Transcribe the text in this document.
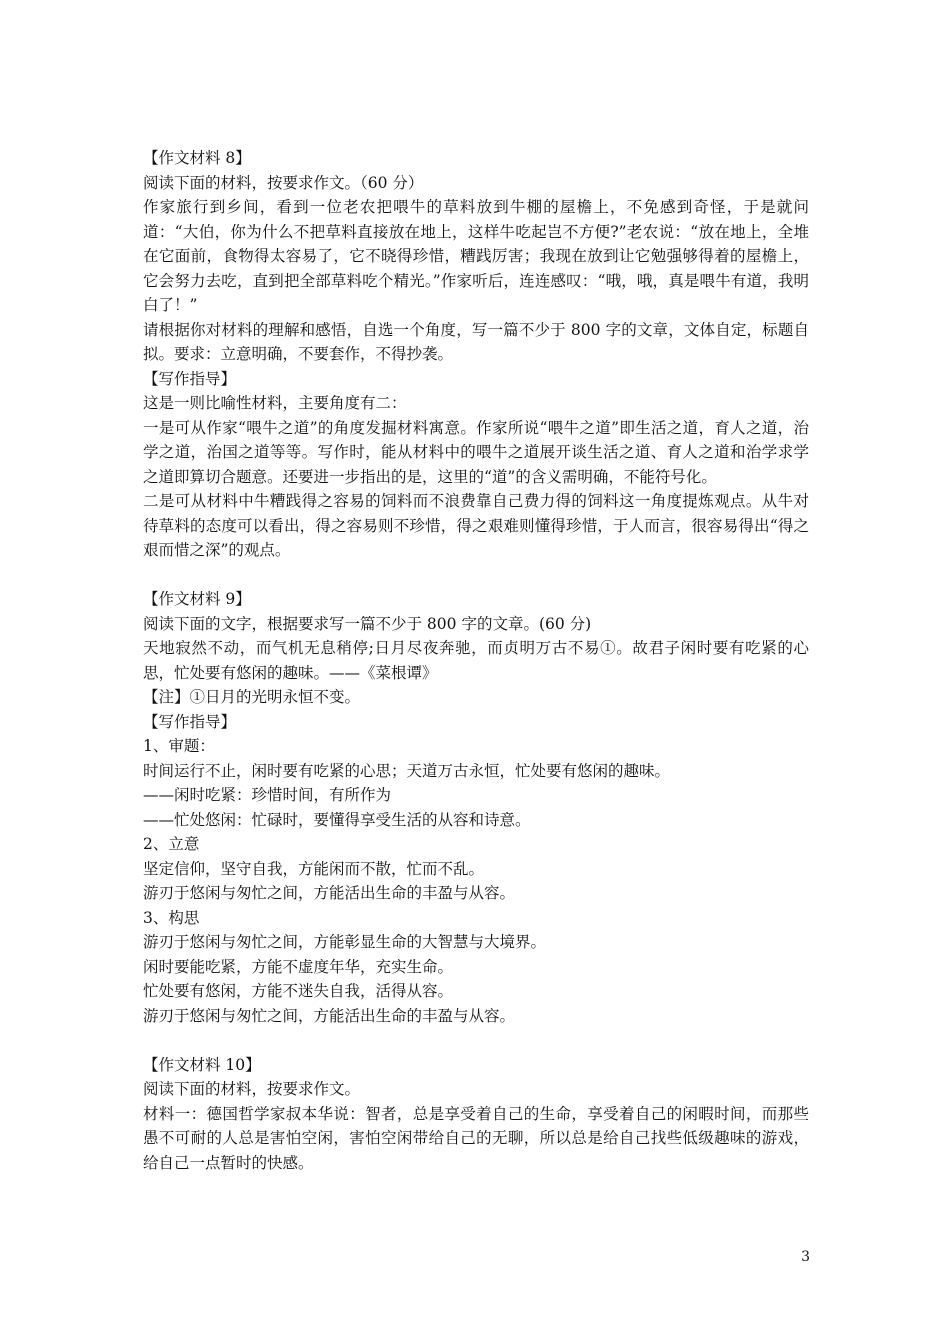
【作文材料 8】

阅读下面的材料，按要求作文。（60 分）

作家旅行到乡间，看到一位老农把喂牛的草料放到牛棚的屋檐上，不免感到奇怪，于是就问道：“大伯，你为什么不把草料直接放在地上，这样牛吃起岂不方便?”老农说：“放在地上，全堆在它面前，食物得太容易了，它不晓得珍惜，糟践厉害；我现在放到让它勉强够得着的屋檐上，它会努力去吃，直到把全部草料吃个精光。”作家听后，连连感叹：“哦，哦，真是喂牛有道，我明白了！”

请根据你对材料的理解和感悟，自选一个角度，写一篇不少于 800 字的文章，文体自定，标题自拟。要求：立意明确，不要套作，不得抄袭。

【写作指导】

这是一则比喻性材料，主要角度有二：

一是可从作家“喂牛之道”的角度发掘材料寓意。作家所说“喂牛之道”即生活之道，育人之道，治学之道，治国之道等等。写作时，能从材料中的喂牛之道展开谈生活之道、育人之道和治学求学之道即算切合题意。还要进一步指出的是，这里的“道”的含义需明确，不能符号化。

二是可从材料中牛糟践得之容易的饲料而不浪费靠自己费力得的饲料这一角度提炼观点。从牛对待草料的态度可以看出，得之容易则不珍惜，得之艰难则懂得珍惜，于人而言，很容易得出“得之艰而惜之深”的观点。

【作文材料 9】

阅读下面的文字，根据要求写一篇不少于 800 字的文章。(60 分)

天地寂然不动，而气机无息稍停;日月尽夜奔驰，而贞明万古不易①。故君子闲时要有吃紧的心思，忙处要有悠闲的趣味。——《菜根谭》

【注】①日月的光明永恒不变。

【写作指导】

1、审题：

时间运行不止，闲时要有吃紧的心思；天道万古永恒，忙处要有悠闲的趣味。

——闲时吃紧：珍惜时间，有所作为

——忙处悠闲：忙碌时，要懂得享受生活的从容和诗意。

2、立意

坚定信仰，坚守自我，方能闲而不散，忙而不乱。

游刃于悠闲与匆忙之间，方能活出生命的丰盈与从容。

3、构思

游刃于悠闲与匆忙之间，方能彰显生命的大智慧与大境界。

闲时要能吃紧，方能不虚度年华，充实生命。

忙处要有悠闲，方能不迷失自我，活得从容。

游刃于悠闲与匆忙之间，方能活出生命的丰盈与从容。

【作文材料 10】

阅读下面的材料，按要求作文。

材料一：德国哲学家叔本华说：智者，总是享受着自己的生命，享受着自己的闲暇时间，而那些愚不可耐的人总是害怕空闲，害怕空闲带给自己的无聊，所以总是给自己找些低级趣味的游戏，给自己一点暂时的快感。

3
